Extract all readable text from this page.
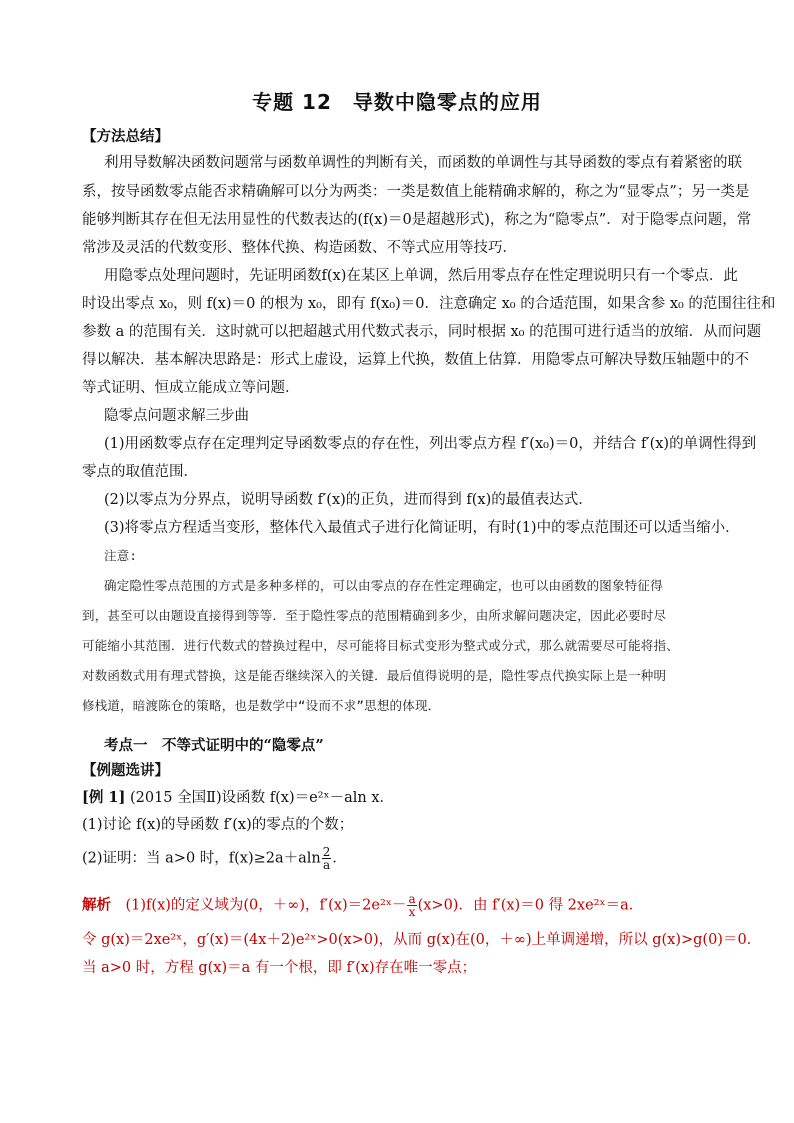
专题 12　导数中隐零点的应用
【方法总结】
利用导数解决函数问题常与函数单调性的判断有关，而函数的单调性与其导函数的零点有着紧密的联
系，按导函数零点能否求精确解可以分为两类：一类是数值上能精确求解的，称之为“显零点”；另一类是
能够判断其存在但无法用显性的代数表达的(f(x)＝0是超越形式)，称之为“隐零点”．对于隐零点问题，常
常涉及灵活的代数变形、整体代换、构造函数、不等式应用等技巧．
用隐零点处理问题时，先证明函数f(x)在某区上单调，然后用零点存在性定理说明只有一个零点．此
时设出零点 x₀，则 f(x)＝0 的根为 x₀，即有 f(x₀)＝0．注意确定 x₀ 的合适范围，如果含参 x₀ 的范围往往和
参数 a 的范围有关．这时就可以把超越式用代数式表示，同时根据 x₀ 的范围可进行适当的放缩．从而问题
得以解决．基本解决思路是：形式上虚设，运算上代换，数值上估算．用隐零点可解决导数压轴题中的不
等式证明、恒成立能成立等问题．
隐零点问题求解三步曲
(1)用函数零点存在定理判定导函数零点的存在性，列出零点方程 f′(x₀)＝0，并结合 f′(x)的单调性得到
零点的取值范围．
(2)以零点为分界点，说明导函数 f′(x)的正负，进而得到 f(x)的最值表达式．
(3)将零点方程适当变形，整体代入最值式子进行化简证明，有时(1)中的零点范围还可以适当缩小．
注意:
确定隐性零点范围的方式是多种多样的，可以由零点的存在性定理确定，也可以由函数的图象特征得
到，甚至可以由题设直接得到等等．至于隐性零点的范围精确到多少，由所求解问题决定，因此必要时尽
可能缩小其范围．进行代数式的替换过程中，尽可能将目标式变形为整式或分式，那么就需要尽可能将指、
对数函数式用有理式替换，这是能否继续深入的关键．最后值得说明的是，隐性零点代换实际上是一种明
修栈道，暗渡陈仓的策略，也是数学中“设而不求”思想的体现．
考点一　不等式证明中的“隐零点”
【例题选讲】
[例 1] (2015 全国Ⅱ)设函数 f(x)＝e²ˣ－aln x．
(1)讨论 f(x)的导函数 f′(x)的零点的个数；
(2)证明：当 a>0 时，$f(x)\ge 2a+aln \frac{2}{a}$ ．
解析　(1)f(x)的定义域为(0，＋∞)，f′(x)＝2e²ˣ－ $\frac{a}{x} (x>0)$．由 f′(x)＝0 得 2xe²ˣ＝a．
令 g(x)＝2xe²ˣ，g′(x)＝(4x＋2)e²ˣ>0(x>0)，从而 g(x)在(0，＋∞)上单调递增，所以 g(x)>g(0)＝0．
当 a>0 时，方程 g(x)＝a 有一个根，即 f′(x)存在唯一零点；
